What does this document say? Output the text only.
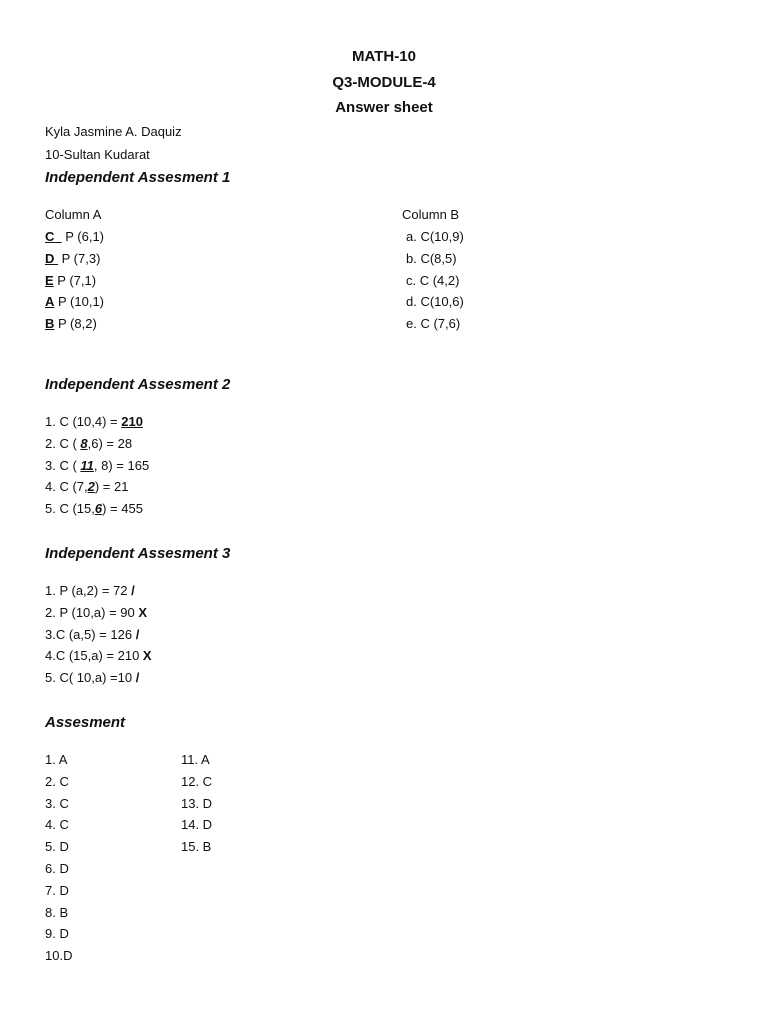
MATH-10
Q3-MODULE-4
Answer sheet
Kyla Jasmine A. Daquiz
10-Sultan Kudarat
Independent Assesment 1
Column A	Column B
C   P (6,1)
D  P (7,3)
E P (7,1)
A P (10,1)
B P (8,2)
a. C(10,9)
b. C(8,5)
c. C (4,2)
d. C(10,6)
e. C (7,6)
Independent Assesment 2
1. C (10,4) = 210
2. C ( 8,6) = 28
3. C ( 11, 8) = 165
4. C (7,2) = 21
5. C (15,6) = 455
Independent Assesment 3
1. P (a,2) = 72 /
2. P (10,a) = 90 X
3.C (a,5) = 126 /
4.C (15,a) = 210 X
5. C( 10,a) =10 /
Assesment
1. A
2. C
3. C
4. C
5. D
6. D
7. D
8. B
9. D
10.D
11. A
12. C
13. D
14. D
15. B
